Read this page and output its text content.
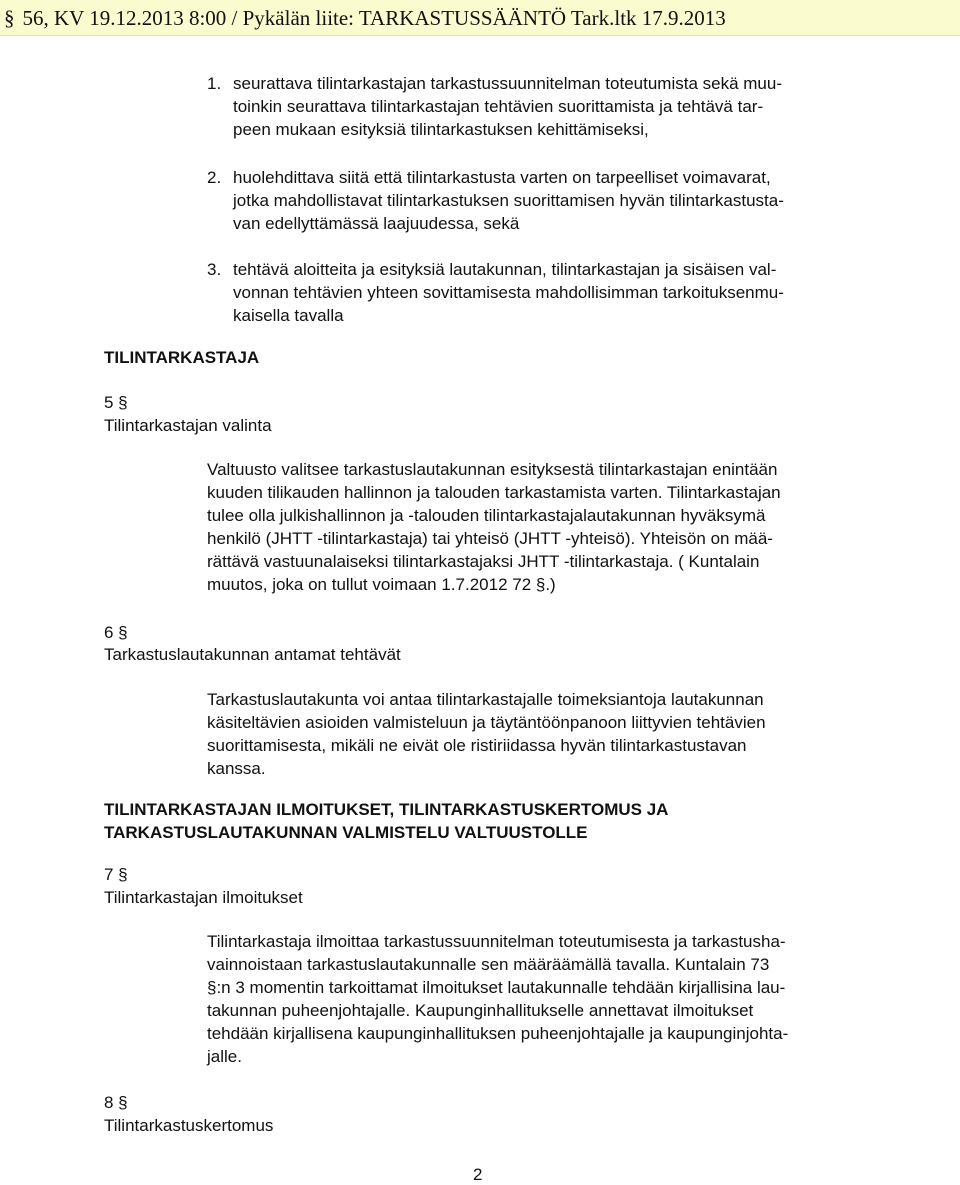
§ 56, KV 19.12.2013 8:00 / Pykälän liite: TARKASTUSSÄÄNTÖ Tark.ltk 17.9.2013
1. seurattava tilintarkastajan tarkastussuunnitelman toteutumista sekä muu-
toinkin seurattava tilintarkastajan tehtävien suorittamista ja tehtävä tar-
peen mukaan esityksiä tilintarkastuksen kehittämiseksi,
2. huolehdittava siitä että tilintarkastusta varten on tarpeelliset voimavarat,
jotka mahdollistavat tilintarkastuksen suorittamisen hyvän tilintarkastusta-
van edellyttämässä laajuudessa, sekä
3. tehtävä aloitteita ja esityksiä lautakunnan, tilintarkastajan ja sisäisen val-
vonnan tehtävien yhteen sovittamisesta mahdollisimman tarkoituksenmu-
kaisella tavalla
TILINTARKASTAJA
5 §
Tilintarkastajan valinta
Valtuusto valitsee tarkastuslautakunnan esityksestä tilintarkastajan enintään
kuuden tilikauden hallinnon ja talouden tarkastamista varten. Tilintarkastajan
tulee olla julkishallinnon ja -talouden tilintarkastajalautakunnan hyväksymä
henkilö (JHTT -tilintarkastaja) tai yhteisö (JHTT -yhteisö). Yhteisön on mää-
rättävä vastuunalaiseksi tilintarkastajaksi JHTT -tilintarkastaja. ( Kuntalain
muutos, joka on tullut voimaan 1.7.2012 72 §.)
6 §
Tarkastuslautakunnan antamat tehtävät
Tarkastuslautakunta voi antaa tilintarkastajalle toimeksiantoja lautakunnan
käsiteltävien asioiden valmisteluun ja täytäntöönpanoon liittyvien tehtävien
suorittamisesta, mikäli ne eivät ole ristiriidassa hyvän tilintarkastustavan
kanssa.
TILINTARKASTAJAN ILMOITUKSET, TILINTARKASTUSKERTOMUS JA
TARKASTUSLAUTAKUNNAN VALMISTELU VALTUUSTOLLE
7 §
Tilintarkastajan ilmoitukset
Tilintarkastaja ilmoittaa tarkastussuunnitelman toteutumisesta ja tarkastusha-
vainnoistaan tarkastuslautakunnalle sen määräämällä tavalla. Kuntalain 73
§:n 3 momentin tarkoittamat ilmoitukset lautakunnalle tehdään kirjallisina lau-
takunnan puheenjohtajalle. Kaupunginhallitukselle annettavat ilmoitukset
tehdään kirjallisena kaupunginhallituksen puheenjohtajalle ja kaupunginjohta-
jalle.
8 §
Tilintarkastuskertomus
2
